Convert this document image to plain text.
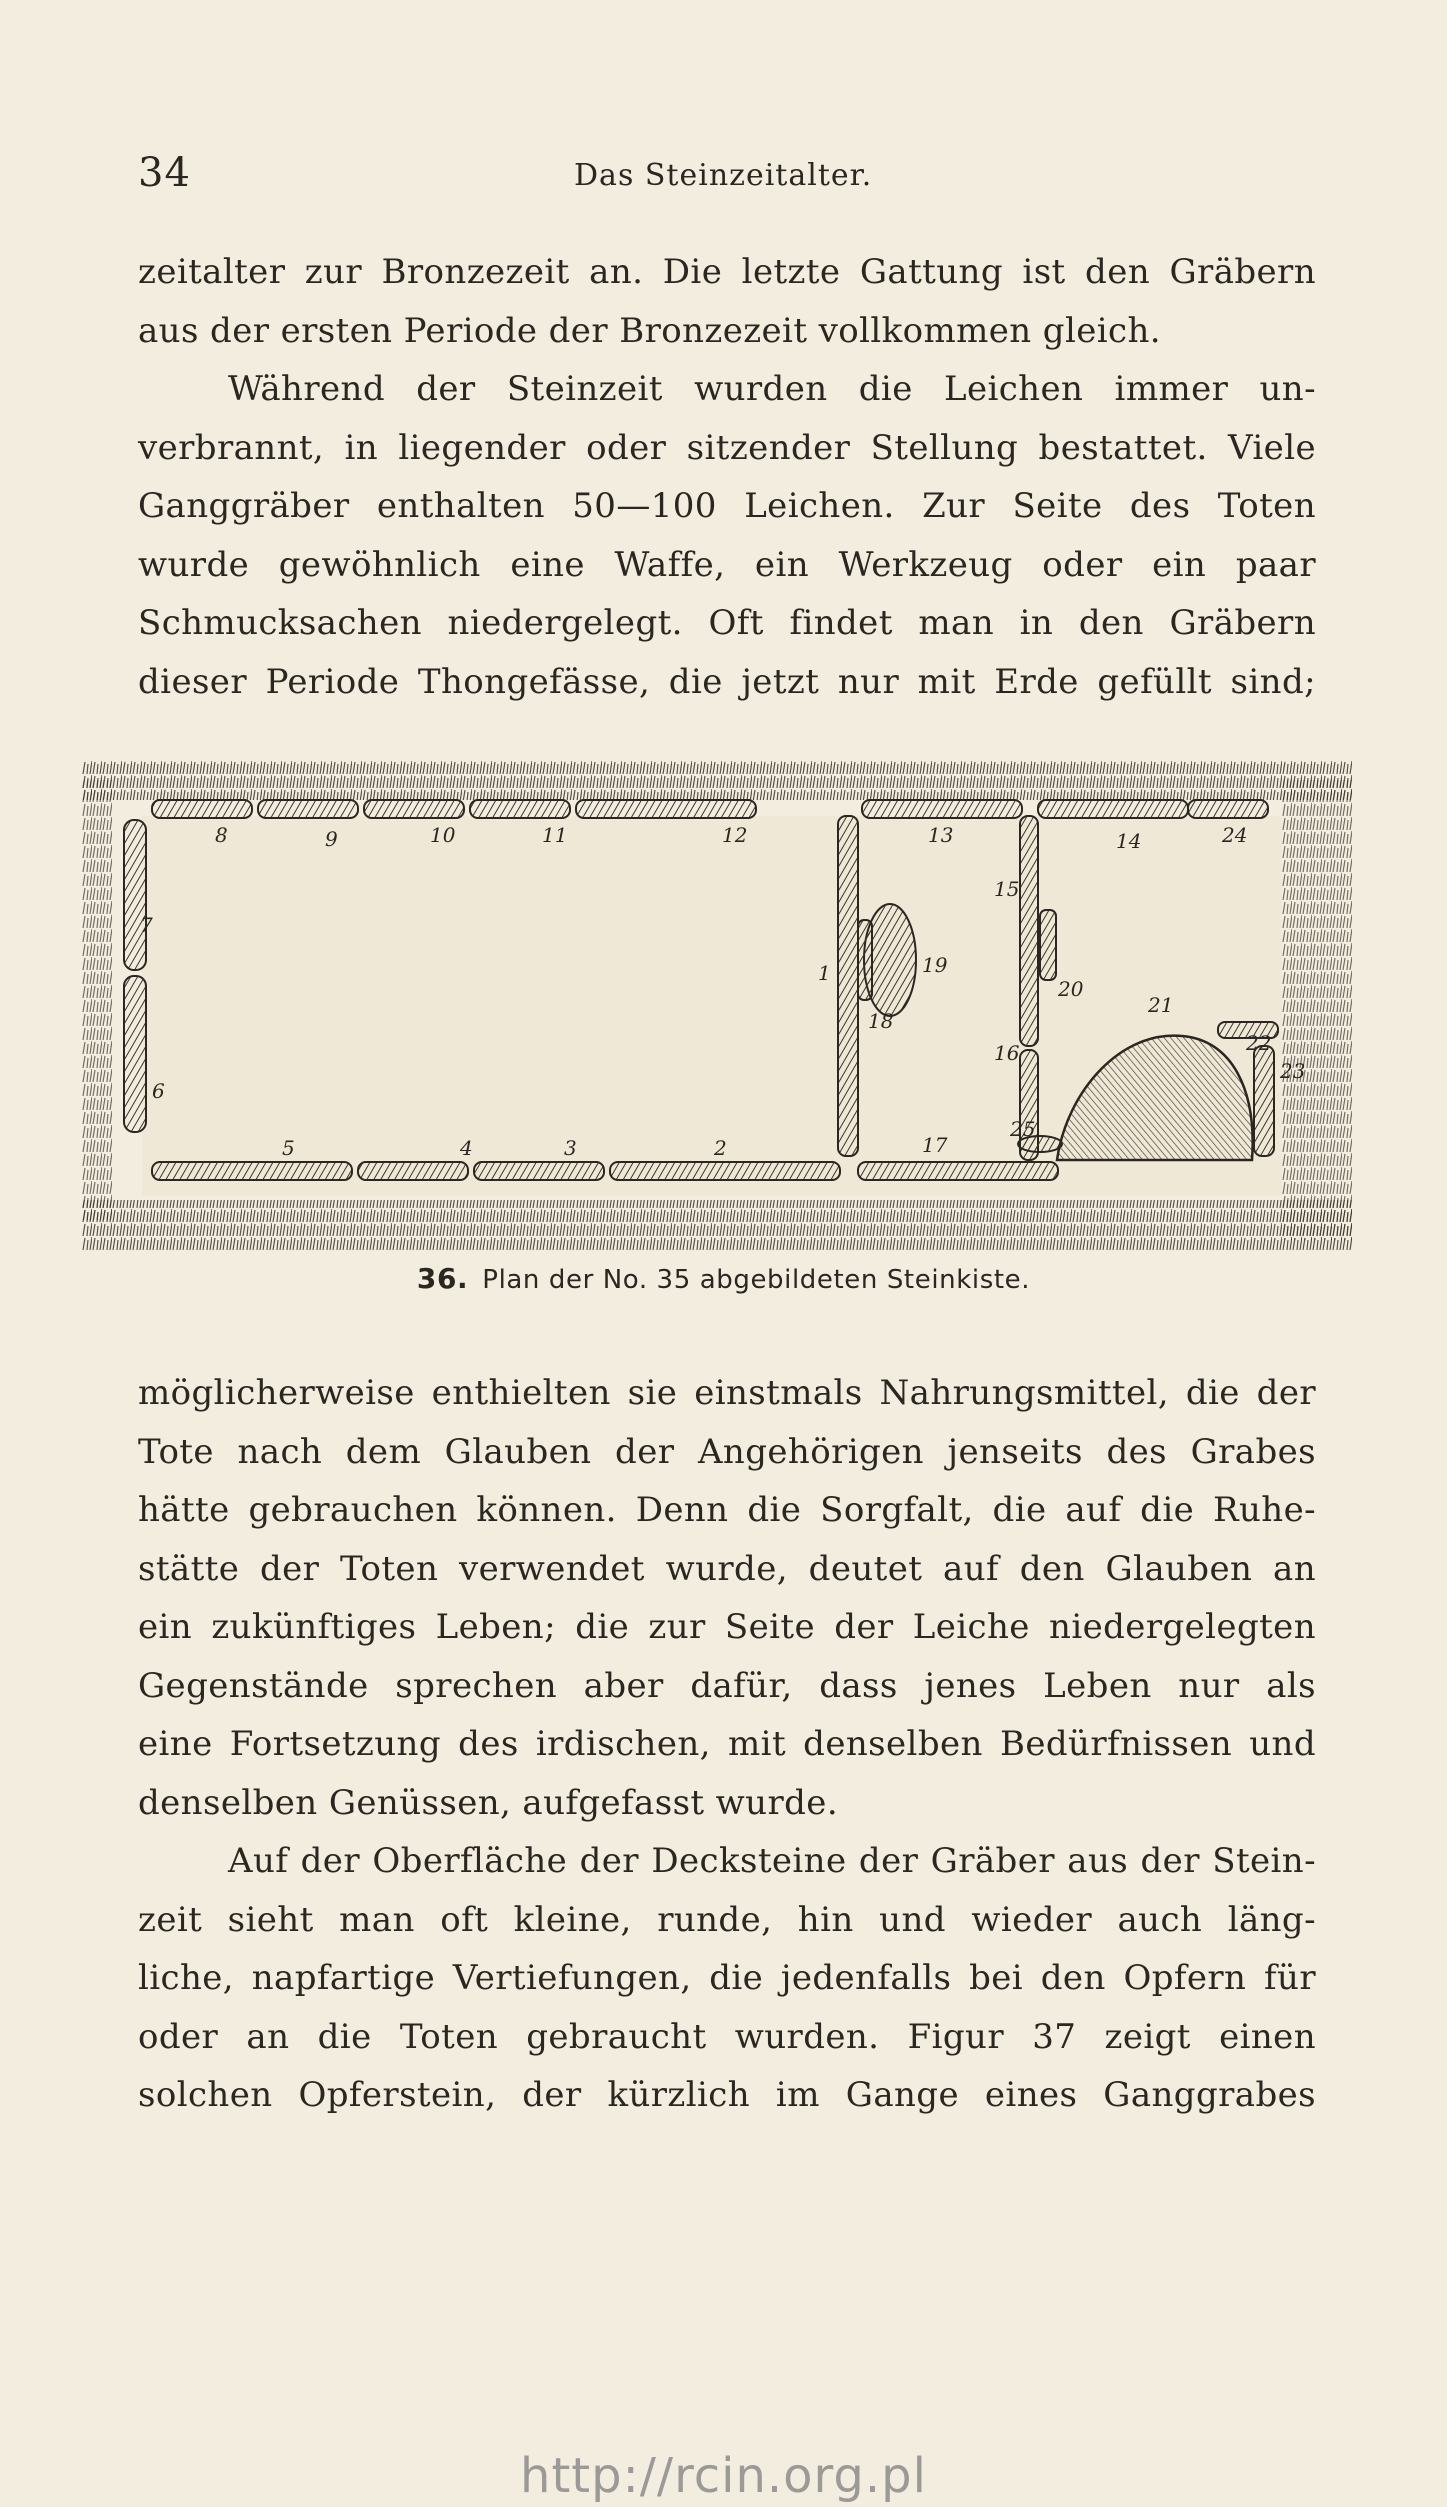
34	Das Steinzeitalter.
zeitalter zur Bronzezeit an. Die letzte Gattung ist den Gräbern
aus der ersten Periode der Bronzezeit vollkommen gleich.
Während der Steinzeit wurden die Leichen immer un-
verbrannt, in liegender oder sitzender Stellung bestattet. Viele
Ganggräber enthalten 50—100 Leichen. Zur Seite des Toten
wurde gewöhnlich eine Waffe, ein Werkzeug oder ein paar
Schmucksachen niedergelegt. Oft findet man in den Gräbern
dieser Periode Thongefässe, die jetzt nur mit Erde gefüllt sind;
8	9	10	11	12	13	14	24
7
6
5	4	3	2
1	19
18
15
16
20
21
22
23
17
25
36. Plan der No. 35 abgebildeten Steinkiste.
möglicherweise enthielten sie einstmals Nahrungsmittel, die der
Tote nach dem Glauben der Angehörigen jenseits des Grabes
hätte gebrauchen können. Denn die Sorgfalt, die auf die Ruhe-
stätte der Toten verwendet wurde, deutet auf den Glauben an
ein zukünftiges Leben; die zur Seite der Leiche niedergelegten
Gegenstände sprechen aber dafür, dass jenes Leben nur als
eine Fortsetzung des irdischen, mit denselben Bedürfnissen und
denselben Genüssen, aufgefasst wurde.
Auf der Oberfläche der Decksteine der Gräber aus der Stein-
zeit sieht man oft kleine, runde, hin und wieder auch läng-
liche, napfartige Vertiefungen, die jedenfalls bei den Opfern für
oder an die Toten gebraucht wurden. Figur 37 zeigt einen
solchen Opferstein, der kürzlich im Gange eines Ganggrabes
http://rcin.org.pl
